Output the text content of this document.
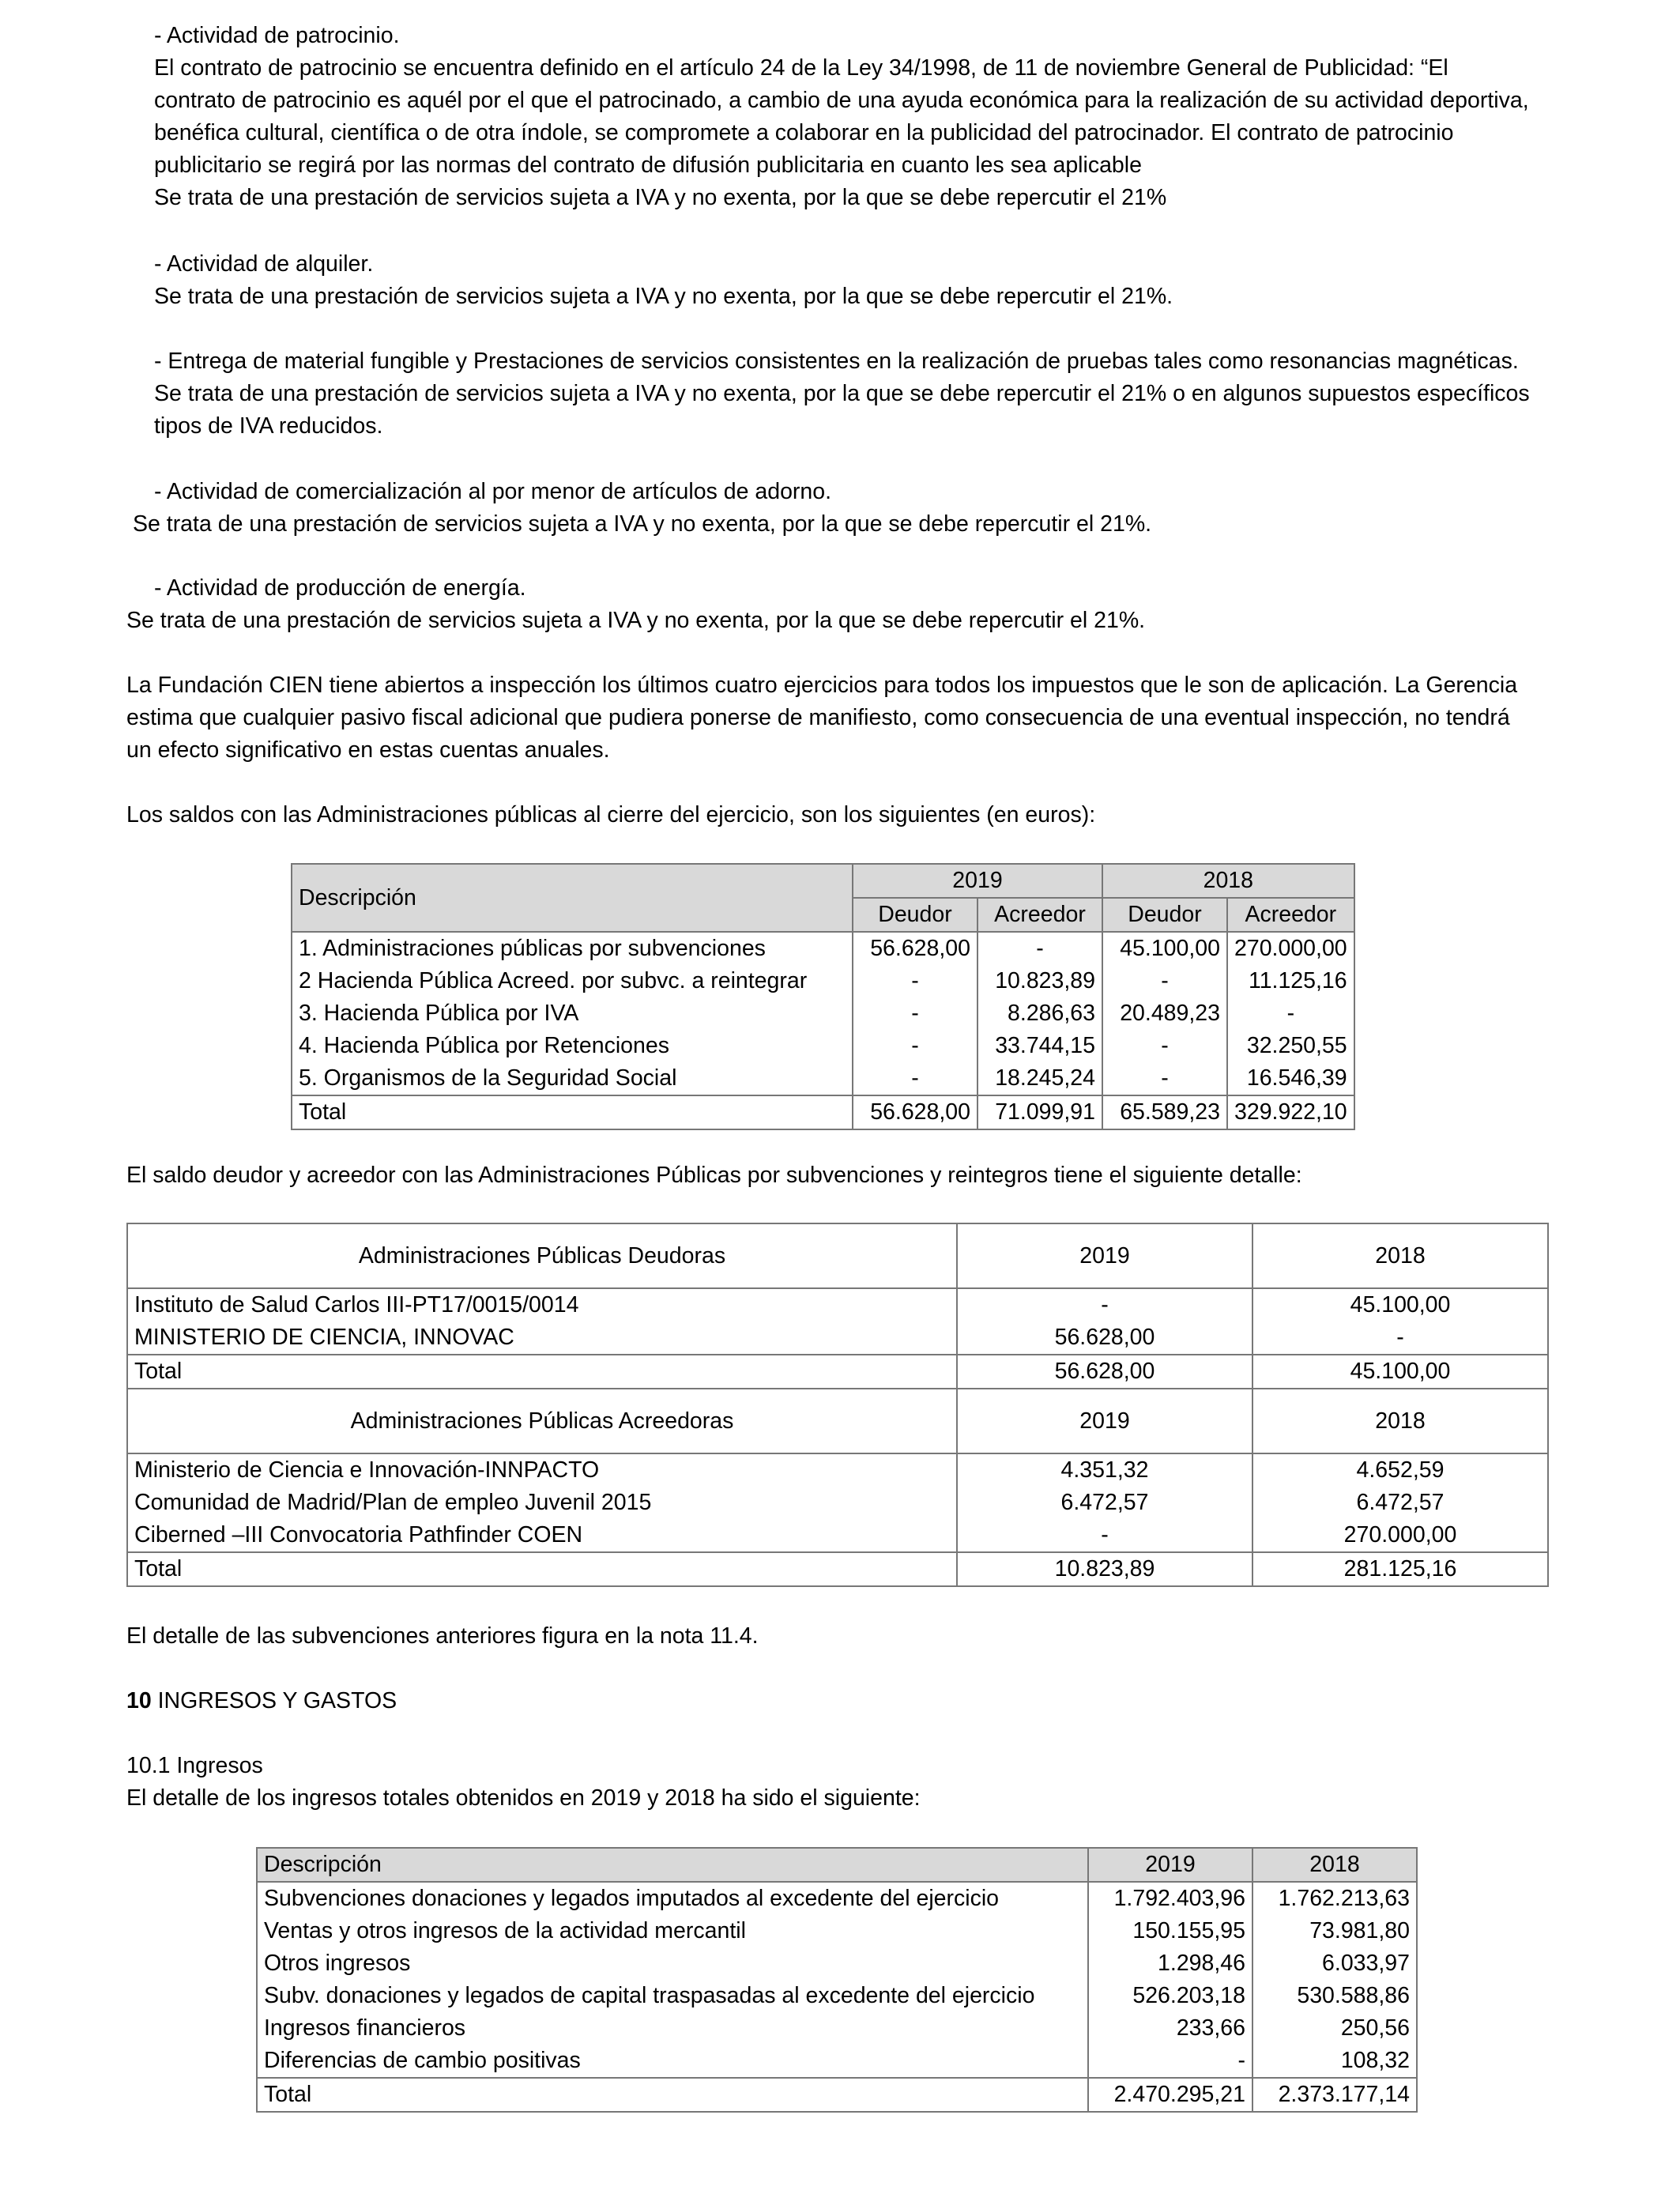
- Actividad de patrocinio.
El contrato de patrocinio se encuentra definido en el artículo 24 de la Ley 34/1998, de 11 de noviembre General de Publicidad: “El
contrato de patrocinio es aquél por el que el patrocinado, a cambio de una ayuda económica para la realización de su actividad deportiva,
benéfica cultural, científica o de otra índole, se compromete a colaborar en la publicidad del patrocinador. El contrato de patrocinio
publicitario se regirá por las normas del contrato de difusión publicitaria en cuanto les sea aplicable
Se trata de una prestación de servicios sujeta a IVA y no exenta, por la que se debe repercutir el 21%
- Actividad de alquiler.
Se trata de una prestación de servicios sujeta a IVA y no exenta, por la que se debe repercutir el 21%.
- Entrega de material fungible y Prestaciones de servicios consistentes en la realización de pruebas tales como resonancias magnéticas.
Se trata de una prestación de servicios sujeta a IVA y no exenta, por la que se debe repercutir el 21% o en algunos supuestos específicos
tipos de IVA reducidos.
- Actividad de comercialización al por menor de artículos de adorno.
Se trata de una prestación de servicios sujeta a IVA y no exenta, por la que se debe repercutir el 21%.
- Actividad de producción de energía.
Se trata de una prestación de servicios sujeta a IVA y no exenta, por la que se debe repercutir el 21%.
La Fundación CIEN tiene abiertos a inspección los últimos cuatro ejercicios para todos los impuestos que le son de aplicación. La Gerencia
estima que cualquier pasivo fiscal adicional que pudiera ponerse de manifiesto, como consecuencia de una eventual inspección, no tendrá
un efecto significativo en estas cuentas anuales.
Los saldos con las Administraciones públicas al cierre del ejercicio, son los siguientes (en euros):
Descripción	2019		2018	
	Deudor	Acreedor	Deudor	Acreedor
1. Administraciones públicas por subvenciones	56.628,00	-	45.100,00	270.000,00
2 Hacienda Pública Acreed. por subvc. a reintegrar	-	10.823,89	-	11.125,16
3. Hacienda Pública por IVA	-	8.286,63	20.489,23	-
4. Hacienda Pública por Retenciones	-	33.744,15	-	32.250,55
5. Organismos de la Seguridad Social	-	18.245,24	-	16.546,39
Total	56.628,00	71.099,91	65.589,23	329.922,10
El saldo deudor y acreedor con las Administraciones Públicas por subvenciones y reintegros tiene el siguiente detalle:
Administraciones Públicas Deudoras	2019	2018
Instituto de Salud Carlos III-PT17/0015/0014	-	45.100,00
MINISTERIO DE CIENCIA, INNOVAC	56.628,00	-
Total	56.628,00	45.100,00
Administraciones Públicas Acreedoras	2019	2018
Ministerio de Ciencia e Innovación-INNPACTO	4.351,32	4.652,59
Comunidad de Madrid/Plan de empleo Juvenil 2015	6.472,57	6.472,57
Ciberned –III Convocatoria Pathfinder COEN	-	270.000,00
Total	10.823,89	281.125,16
El detalle de las subvenciones anteriores figura en la nota 11.4.
10 INGRESOS Y GASTOS
10.1 Ingresos
El detalle de los ingresos totales obtenidos en 2019 y 2018 ha sido el siguiente:
Descripción	2019	2018
Subvenciones donaciones y legados imputados al excedente del ejercicio	1.792.403,96	1.762.213,63
Ventas y otros ingresos de la actividad mercantil	150.155,95	73.981,80
Otros ingresos	1.298,46	6.033,97
Subv. donaciones y legados de capital traspasadas al excedente del ejercicio	526.203,18	530.588,86
Ingresos financieros	233,66	250,56
Diferencias de cambio positivas	-	108,32
Total	2.470.295,21	2.373.177,14
